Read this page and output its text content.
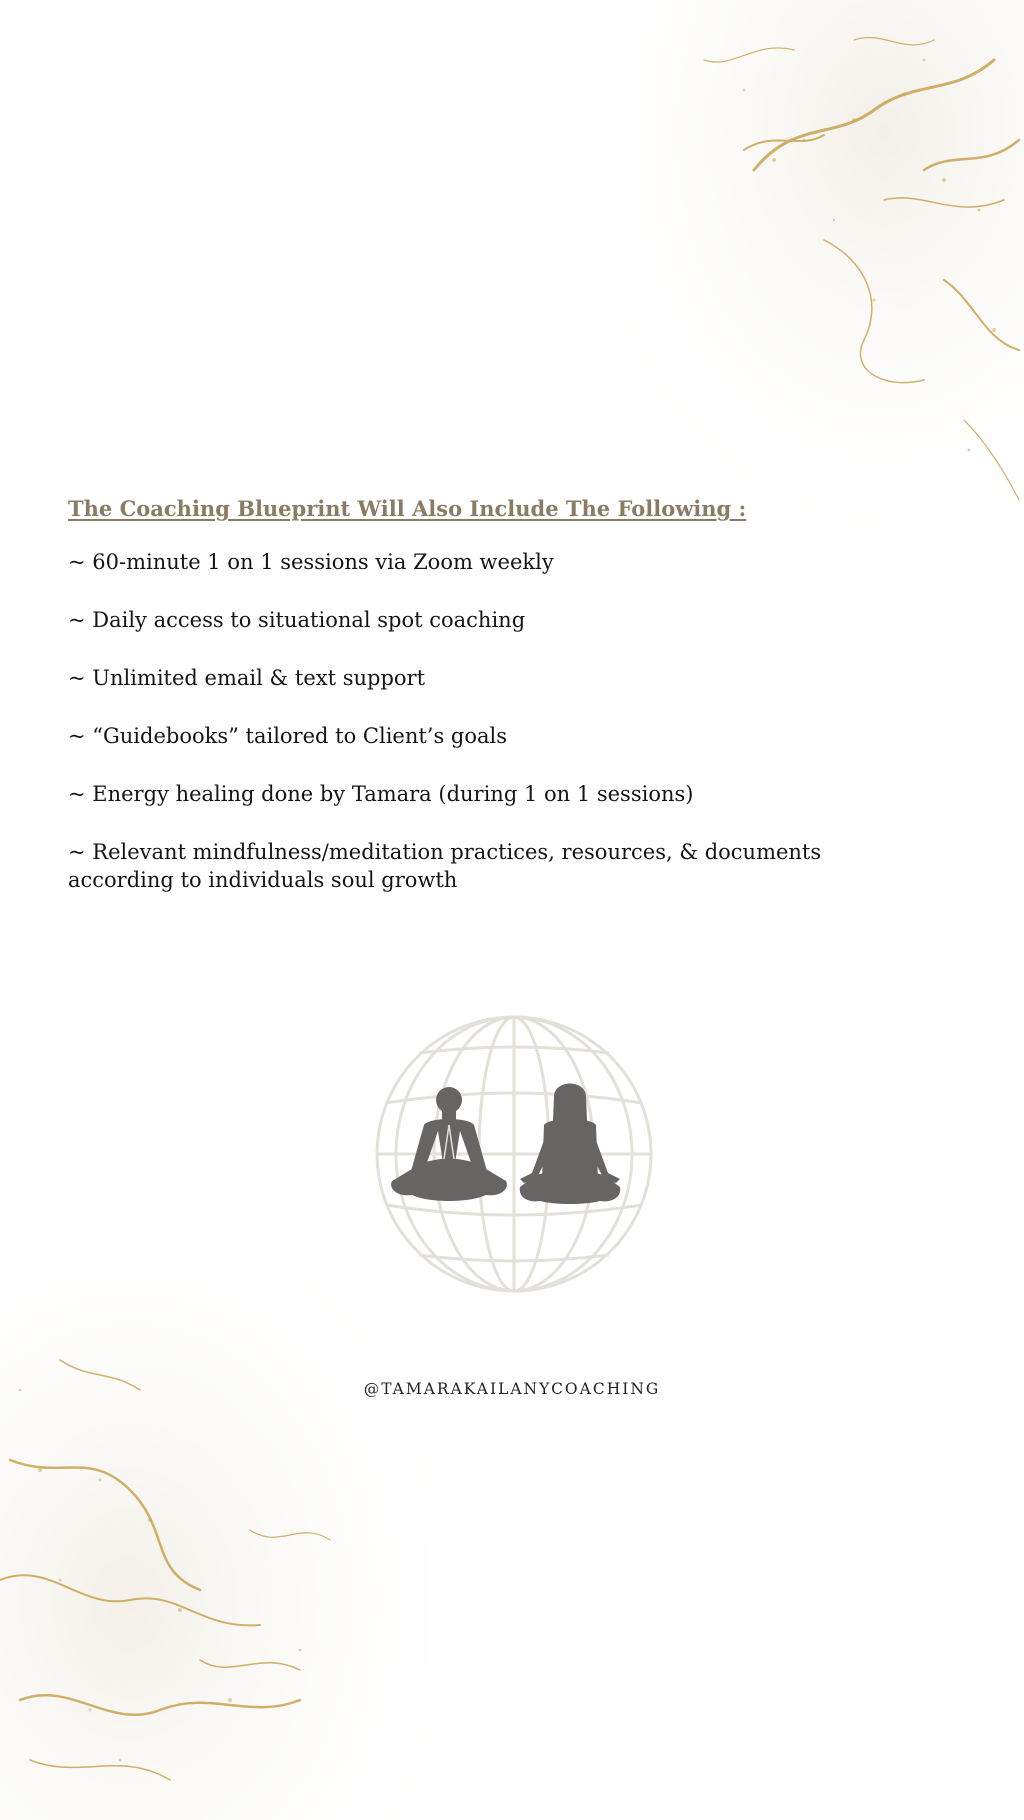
The Coaching Blueprint Will Also Include The Following :
~ 60-minute 1 on 1 sessions via Zoom weekly
~ Daily access to situational spot coaching
~ Unlimited email & text support
~ “Guidebooks” tailored to Client’s goals
~ Energy healing done by Tamara (during 1 on 1 sessions)
~ Relevant mindfulness/meditation practices, resources, & documents according to individuals soul growth
@TAMARAKAILANYCOACHING
